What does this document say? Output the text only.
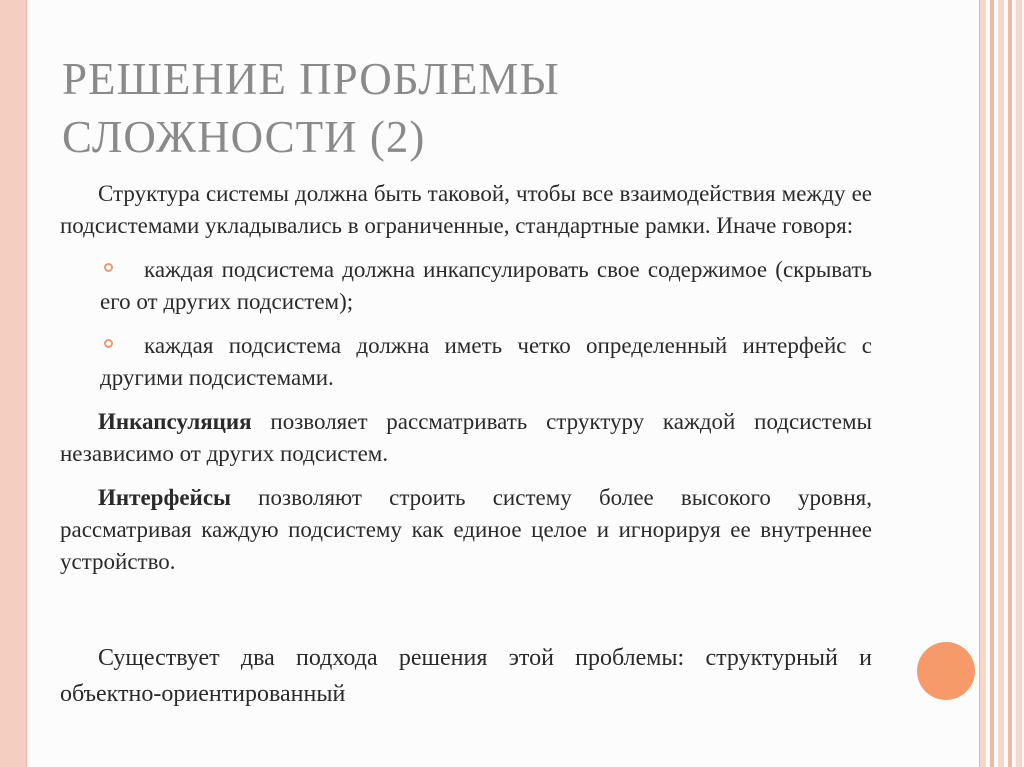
РЕШЕНИЕ ПРОБЛЕМЫ
СЛОЖНОСТИ (2)

Структура системы должна быть таковой, чтобы все взаимодействия между ее подсистемами укладывались в ограниченные, стандартные рамки. Иначе говоря:

каждая подсистема должна инкапсулировать свое содержимое (скрывать его от других подсистем);
каждая подсистема должна иметь четко определенный интерфейс с другими подсистемами.

Инкапсуляция позволяет рассматривать структуру каждой подсистемы независимо от других подсистем.

Интерфейсы позволяют строить систему более высокого уровня, рассматривая каждую подсистему как единое целое и игнорируя ее внутреннее устройство.

Существует два подхода решения этой проблемы: структурный и объектно-ориентированный
